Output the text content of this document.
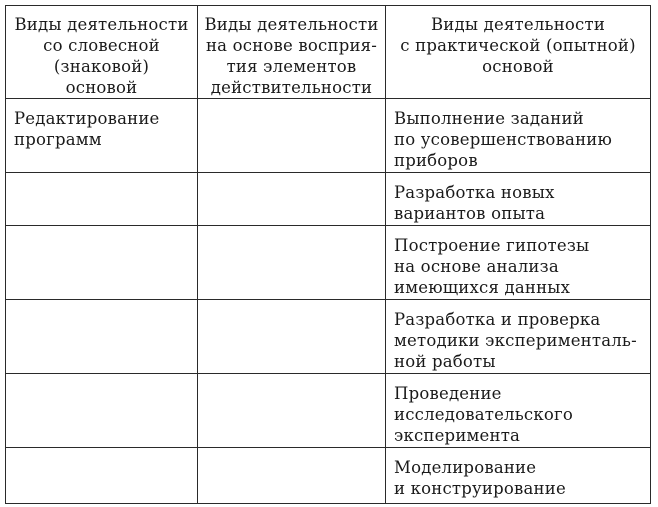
Виды деятельности
со словесной
(знаковой)
основой	Виды деятельности
на основе восприя-
тия элементов
действительности	Виды деятельности
с практической (опытной)
основой

Редактирование
программ		Выполнение заданий
по усовершенствованию
приборов

		Разработка новых
вариантов опыта

		Построение гипотезы
на основе анализа
имеющихся данных

		Разработка и проверка
методики эксперименталь-
ной работы

		Проведение
исследовательского
эксперимента

		Моделирование
и конструирование
